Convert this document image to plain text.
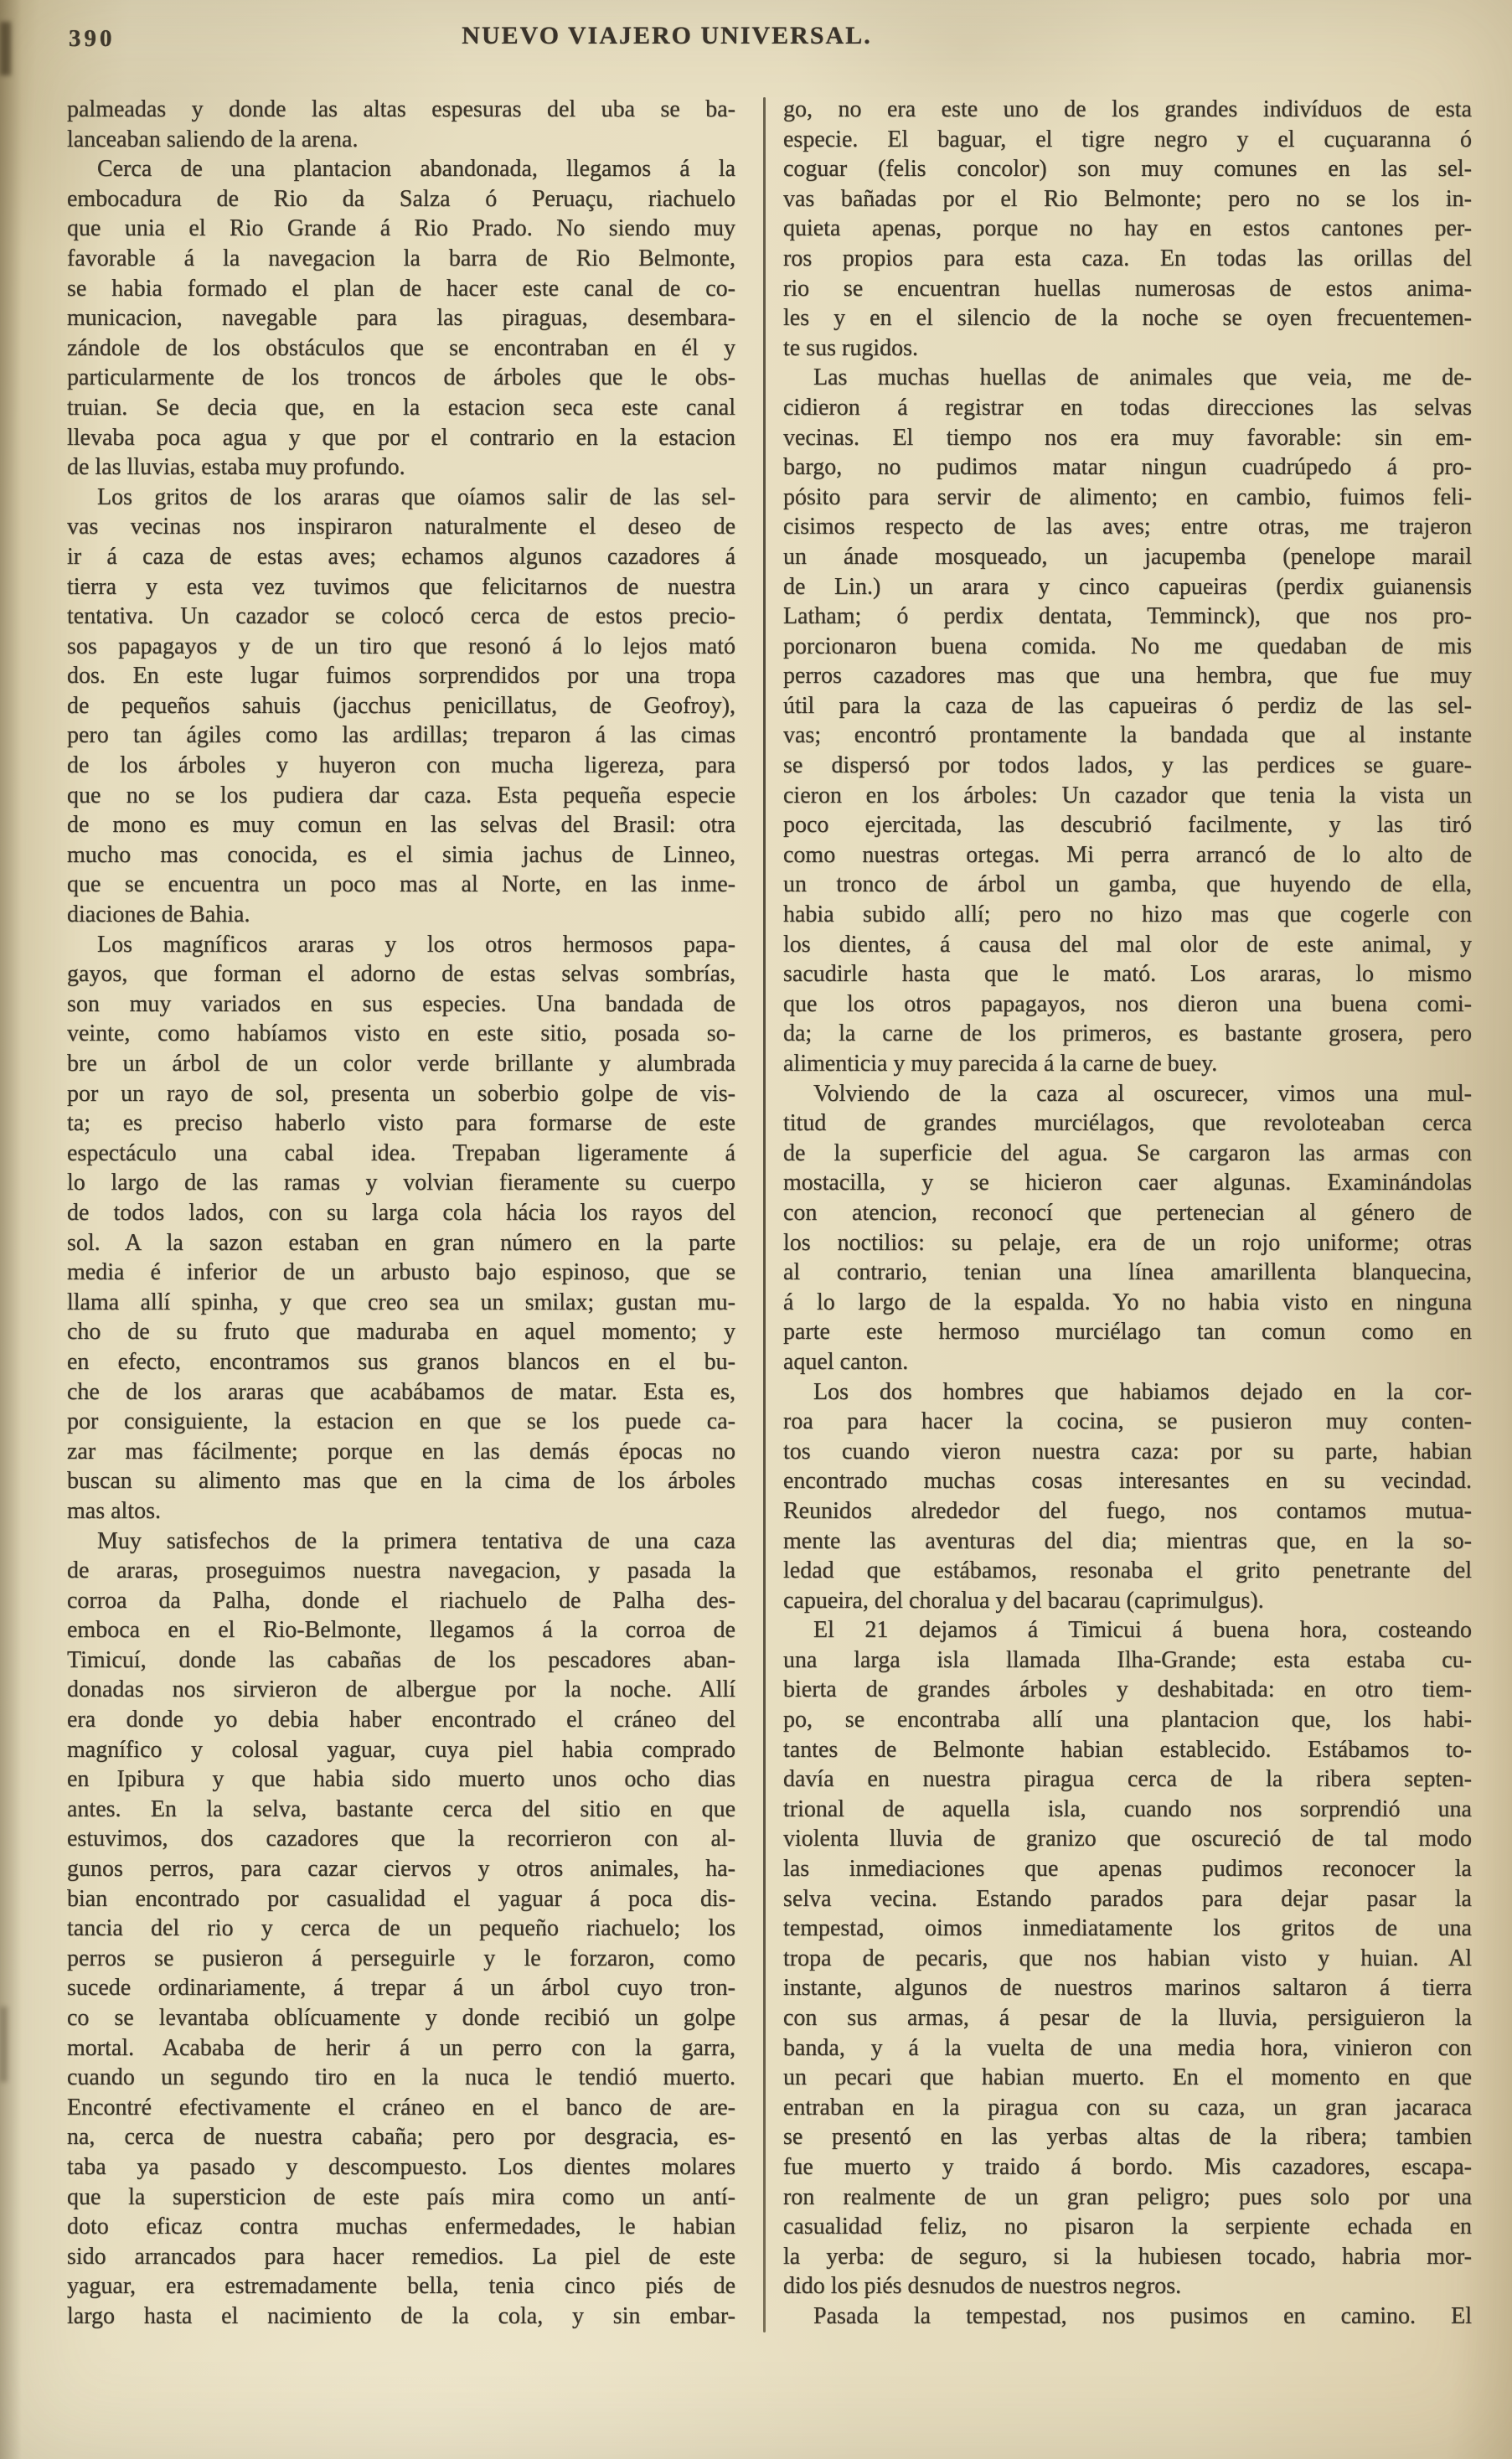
390	NUEVO VIAJERO UNIVERSAL.
palmeadas y donde las altas espesuras del uba se ba-
lanceaban saliendo de la arena.
Cerca de una plantacion abandonada, llegamos á la
embocadura de Rio da Salza ó Peruaçu, riachuelo
que unia el Rio Grande á Rio Prado. No siendo muy
favorable á la navegacion la barra de Rio Belmonte,
se habia formado el plan de hacer este canal de co-
municacion, navegable para las piraguas, desembara-
zándole de los obstáculos que se encontraban en él y
particularmente de los troncos de árboles que le obs-
truian. Se decia que, en la estacion seca este canal
llevaba poca agua y que por el contrario en la estacion
de las lluvias, estaba muy profundo.
Los gritos de los araras que oíamos salir de las sel-
vas vecinas nos inspiraron naturalmente el deseo de
ir á caza de estas aves; echamos algunos cazadores á
tierra y esta vez tuvimos que felicitarnos de nuestra
tentativa. Un cazador se colocó cerca de estos precio-
sos papagayos y de un tiro que resonó á lo lejos mató
dos. En este lugar fuimos sorprendidos por una tropa
de pequeños sahuis (jacchus penicillatus, de Geofroy),
pero tan ágiles como las ardillas; treparon á las cimas
de los árboles y huyeron con mucha ligereza, para
que no se los pudiera dar caza. Esta pequeña especie
de mono es muy comun en las selvas del Brasil: otra
mucho mas conocida, es el simia jachus de Linneo,
que se encuentra un poco mas al Norte, en las inme-
diaciones de Bahia.
Los magníficos araras y los otros hermosos papa-
gayos, que forman el adorno de estas selvas sombrías,
son muy variados en sus especies. Una bandada de
veinte, como habíamos visto en este sitio, posada so-
bre un árbol de un color verde brillante y alumbrada
por un rayo de sol, presenta un soberbio golpe de vis-
ta; es preciso haberlo visto para formarse de este
espectáculo una cabal idea. Trepaban ligeramente á
lo largo de las ramas y volvian fieramente su cuerpo
de todos lados, con su larga cola hácia los rayos del
sol. A la sazon estaban en gran número en la parte
media é inferior de un arbusto bajo espinoso, que se
llama allí spinha, y que creo sea un smilax; gustan mu-
cho de su fruto que maduraba en aquel momento; y
en efecto, encontramos sus granos blancos en el bu-
che de los araras que acabábamos de matar. Esta es,
por consiguiente, la estacion en que se los puede ca-
zar mas fácilmente; porque en las demás épocas no
buscan su alimento mas que en la cima de los árboles
mas altos.
Muy satisfechos de la primera tentativa de una caza
de araras, proseguimos nuestra navegacion, y pasada la
corroa da Palha, donde el riachuelo de Palha des-
emboca en el Rio-Belmonte, llegamos á la corroa de
Timicuí, donde las cabañas de los pescadores aban-
donadas nos sirvieron de albergue por la noche. Allí
era donde yo debia haber encontrado el cráneo del
magnífico y colosal yaguar, cuya piel habia comprado
en Ipibura y que habia sido muerto unos ocho dias
antes. En la selva, bastante cerca del sitio en que
estuvimos, dos cazadores que la recorrieron con al-
gunos perros, para cazar ciervos y otros animales, ha-
bian encontrado por casualidad el yaguar á poca dis-
tancia del rio y cerca de un pequeño riachuelo; los
perros se pusieron á perseguirle y le forzaron, como
sucede ordinariamente, á trepar á un árbol cuyo tron-
co se levantaba oblícuamente y donde recibió un golpe
mortal. Acababa de herir á un perro con la garra,
cuando un segundo tiro en la nuca le tendió muerto.
Encontré efectivamente el cráneo en el banco de are-
na, cerca de nuestra cabaña; pero por desgracia, es-
taba ya pasado y descompuesto. Los dientes molares
que la supersticion de este país mira como un antí-
doto eficaz contra muchas enfermedades, le habian
sido arrancados para hacer remedios. La piel de este
yaguar, era estremadamente bella, tenia cinco piés de
largo hasta el nacimiento de la cola, y sin embar-
go, no era este uno de los grandes indivíduos de esta
especie. El baguar, el tigre negro y el cuçuaranna ó
coguar (felis concolor) son muy comunes en las sel-
vas bañadas por el Rio Belmonte; pero no se los in-
quieta apenas, porque no hay en estos cantones per-
ros propios para esta caza. En todas las orillas del
rio se encuentran huellas numerosas de estos anima-
les y en el silencio de la noche se oyen frecuentemen-
te sus rugidos.
Las muchas huellas de animales que veia, me de-
cidieron á registrar en todas direcciones las selvas
vecinas. El tiempo nos era muy favorable: sin em-
bargo, no pudimos matar ningun cuadrúpedo á pro-
pósito para servir de alimento; en cambio, fuimos feli-
cisimos respecto de las aves; entre otras, me trajeron
un ánade mosqueado, un jacupemba (penelope marail
de Lin.) un arara y cinco capueiras (perdix guianensis
Latham; ó perdix dentata, Temminck), que nos pro-
porcionaron buena comida. No me quedaban de mis
perros cazadores mas que una hembra, que fue muy
útil para la caza de las capueiras ó perdiz de las sel-
vas; encontró prontamente la bandada que al instante
se dispersó por todos lados, y las perdices se guare-
cieron en los árboles: Un cazador que tenia la vista un
poco ejercitada, las descubrió facilmente, y las tiró
como nuestras ortegas. Mi perra arrancó de lo alto de
un tronco de árbol un gamba, que huyendo de ella,
habia subido allí; pero no hizo mas que cogerle con
los dientes, á causa del mal olor de este animal, y
sacudirle hasta que le mató. Los araras, lo mismo
que los otros papagayos, nos dieron una buena comi-
da; la carne de los primeros, es bastante grosera, pero
alimenticia y muy parecida á la carne de buey.
Volviendo de la caza al oscurecer, vimos una mul-
titud de grandes murciélagos, que revoloteaban cerca
de la superficie del agua. Se cargaron las armas con
mostacilla, y se hicieron caer algunas. Examinándolas
con atencion, reconocí que pertenecian al género de
los noctilios: su pelaje, era de un rojo uniforme; otras
al contrario, tenian una línea amarillenta blanquecina,
á lo largo de la espalda. Yo no habia visto en ninguna
parte este hermoso murciélago tan comun como en
aquel canton.
Los dos hombres que habiamos dejado en la cor-
roa para hacer la cocina, se pusieron muy conten-
tos cuando vieron nuestra caza: por su parte, habian
encontrado muchas cosas interesantes en su vecindad.
Reunidos alrededor del fuego, nos contamos mutua-
mente las aventuras del dia; mientras que, en la so-
ledad que estábamos, resonaba el grito penetrante del
capueira, del choralua y del bacarau (caprimulgus).
El 21 dejamos á Timicui á buena hora, costeando
una larga isla llamada Ilha-Grande; esta estaba cu-
bierta de grandes árboles y deshabitada: en otro tiem-
po, se encontraba allí una plantacion que, los habi-
tantes de Belmonte habian establecido. Estábamos to-
davía en nuestra piragua cerca de la ribera septen-
trional de aquella isla, cuando nos sorprendió una
violenta lluvia de granizo que oscureció de tal modo
las inmediaciones que apenas pudimos reconocer la
selva vecina. Estando parados para dejar pasar la
tempestad, oimos inmediatamente los gritos de una
tropa de pecaris, que nos habian visto y huian. Al
instante, algunos de nuestros marinos saltaron á tierra
con sus armas, á pesar de la lluvia, persiguieron la
banda, y á la vuelta de una media hora, vinieron con
un pecari que habian muerto. En el momento en que
entraban en la piragua con su caza, un gran jacaraca
se presentó en las yerbas altas de la ribera; tambien
fue muerto y traido á bordo. Mis cazadores, escapa-
ron realmente de un gran peligro; pues solo por una
casualidad feliz, no pisaron la serpiente echada en
la yerba: de seguro, si la hubiesen tocado, habria mor-
dido los piés desnudos de nuestros negros.
Pasada la tempestad, nos pusimos en camino. El
